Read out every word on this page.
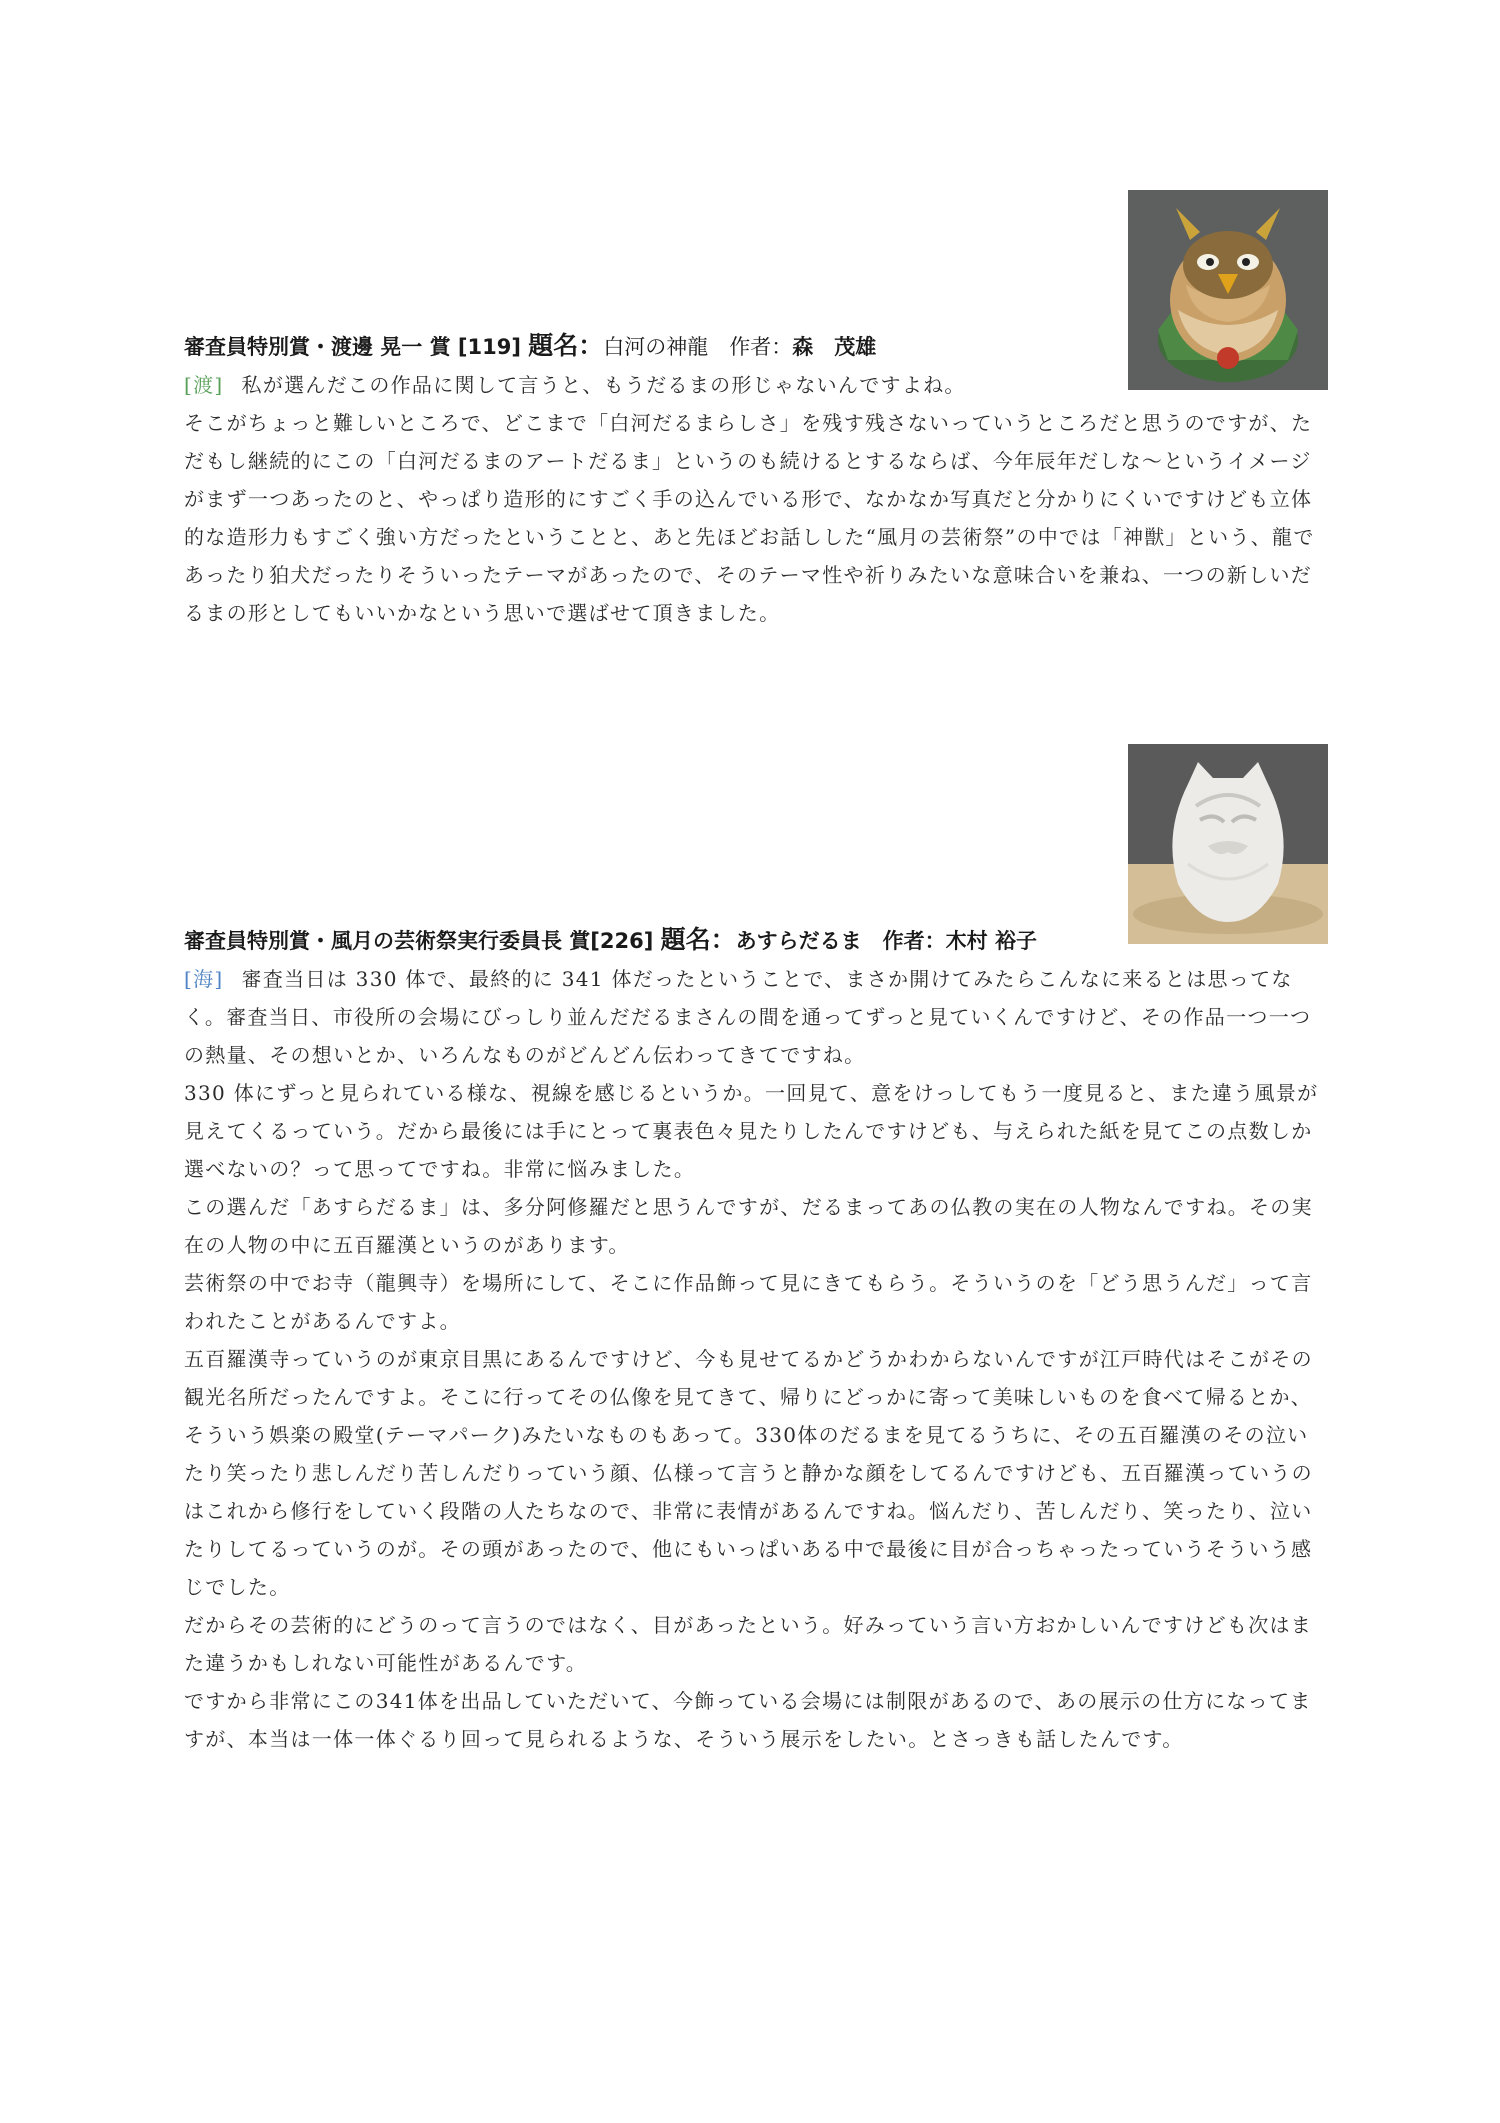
審査員特別賞・渡邊 晃一 賞 [119] 題名：白河の神龍　 作者：森　茂雄

[渡] 私が選んだこの作品に関して言うと、もうだるまの形じゃないんですよね。

そこがちょっと難しいところで、どこまで「白河だるまらしさ」を残す残さないっていうところだと思うのですが、ただもし継続的にこの「白河だるまのアートだるま」というのも続けるとするならば、今年辰年だしな〜というイメージがまず一つあったのと、やっぱり造形的にすごく手の込んでいる形で、なかなか写真だと分かりにくいですけども立体的な造形力もすごく強い方だったということと、あと先ほどお話しした“風月の芸術祭”の中では「神獣」という、龍であったり狛犬だったりそういったテーマがあったので、そのテーマ性や祈りみたいな意味合いを兼ね、一つの新しいだるまの形としてもいいかなという思いで選ばせて頂きました。

審査員特別賞・風月の芸術祭実行委員長 賞[226] 題名：あすらだるま　 作者：木村 裕子

[海] 審査当日は 330 体で、最終的に 341 体だったということで、まさか開けてみたらこんなに来るとは思ってなく。審査当日、市役所の会場にびっしり並んだだるまさんの間を通ってずっと見ていくんですけど、その作品一つ一つの熱量、その想いとか、いろんなものがどんどん伝わってきてですね。

330 体にずっと見られている様な、視線を感じるというか。一回見て、意をけっしてもう一度見ると、また違う風景が見えてくるっていう。だから最後には手にとって裏表色々見たりしたんですけども、与えられた紙を見てこの点数しか選べないの？って思ってですね。非常に悩みました。

この選んだ「あすらだるま」は、多分阿修羅だと思うんですが、だるまってあの仏教の実在の人物なんですね。その実在の人物の中に五百羅漢というのがあります。

芸術祭の中でお寺（龍興寺）を場所にして、そこに作品飾って見にきてもらう。そういうのを「どう思うんだ」って言われたことがあるんですよ。

五百羅漢寺っていうのが東京目黒にあるんですけど、今も見せてるかどうかわからないんですが江戸時代はそこがその観光名所だったんですよ。そこに行ってその仏像を見てきて、帰りにどっかに寄って美味しいものを食べて帰るとか、そういう娯楽の殿堂(テーマパーク)みたいなものもあって。330体のだるまを見てるうちに、その五百羅漢のその泣いたり笑ったり悲しんだり苦しんだりっていう顔、仏様って言うと静かな顔をしてるんですけども、五百羅漢っていうのはこれから修行をしていく段階の人たちなので、非常に表情があるんですね。悩んだり、苦しんだり、笑ったり、泣いたりしてるっていうのが。その頭があったので、他にもいっぱいある中で最後に目が合っちゃったっていうそういう感じでした。

だからその芸術的にどうのって言うのではなく、目があったという。好みっていう言い方おかしいんですけども次はまた違うかもしれない可能性があるんです。

ですから非常にこの341体を出品していただいて、今飾っている会場には制限があるので、あの展示の仕方になってますが、本当は一体一体ぐるり回って見られるような、そういう展示をしたい。とさっきも話したんです。
